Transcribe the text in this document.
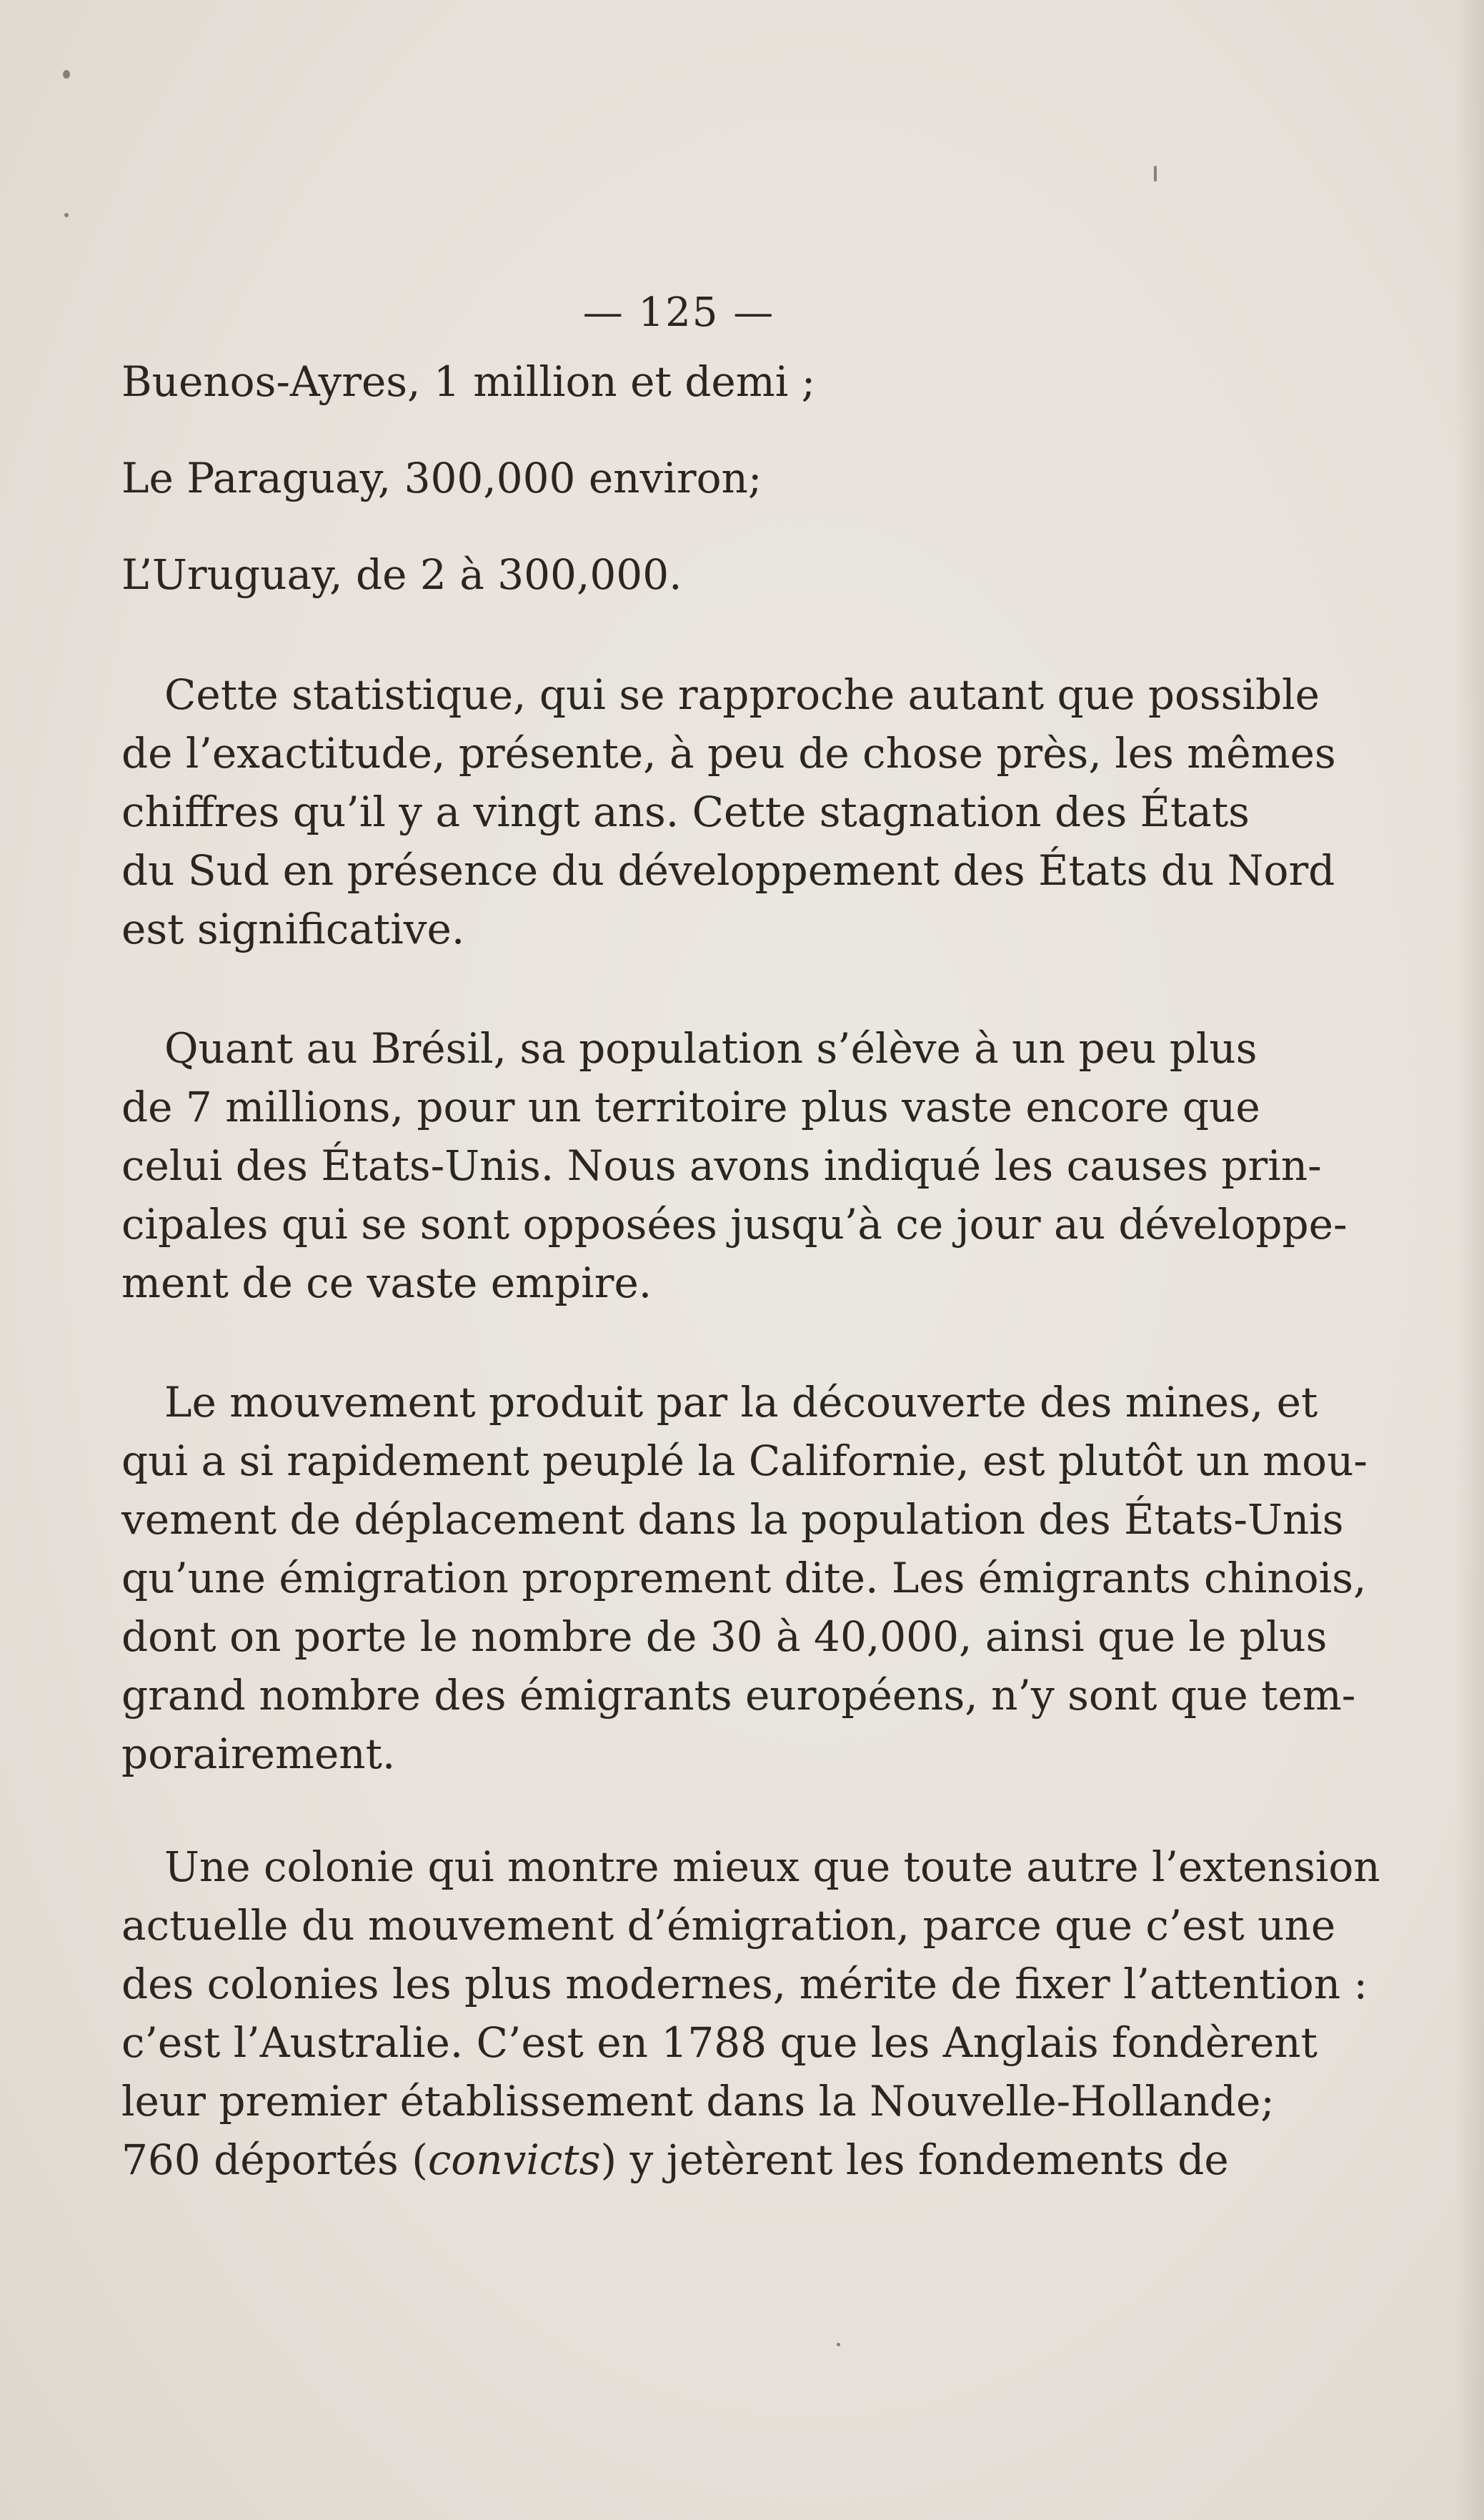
— 125 —
Buenos-Ayres, 1 million et demi ;
Le Paraguay, 300,000 environ;
L’Uruguay, de 2 à 300,000.
Cette statistique, qui se rapproche autant que possible
de l’exactitude, présente, à peu de chose près, les mêmes
chiffres qu’il y a vingt ans. Cette stagnation des États
du Sud en présence du développement des États du Nord
est significative.
Quant au Brésil, sa population s’élève à un peu plus
de 7 millions, pour un territoire plus vaste encore que
celui des États-Unis. Nous avons indiqué les causes prin-
cipales qui se sont opposées jusqu’à ce jour au développe-
ment de ce vaste empire.
Le mouvement produit par la découverte des mines, et
qui a si rapidement peuplé la Californie, est plutôt un mou-
vement de déplacement dans la population des États-Unis
qu’une émigration proprement dite. Les émigrants chinois,
dont on porte le nombre de 30 à 40,000, ainsi que le plus
grand nombre des émigrants européens, n’y sont que tem-
porairement.
Une colonie qui montre mieux que toute autre l’extension
actuelle du mouvement d’émigration, parce que c’est une
des colonies les plus modernes, mérite de fixer l’attention :
c’est l’Australie. C’est en 1788 que les Anglais fondèrent
leur premier établissement dans la Nouvelle-Hollande;
760 déportés (convicts) y jetèrent les fondements de
